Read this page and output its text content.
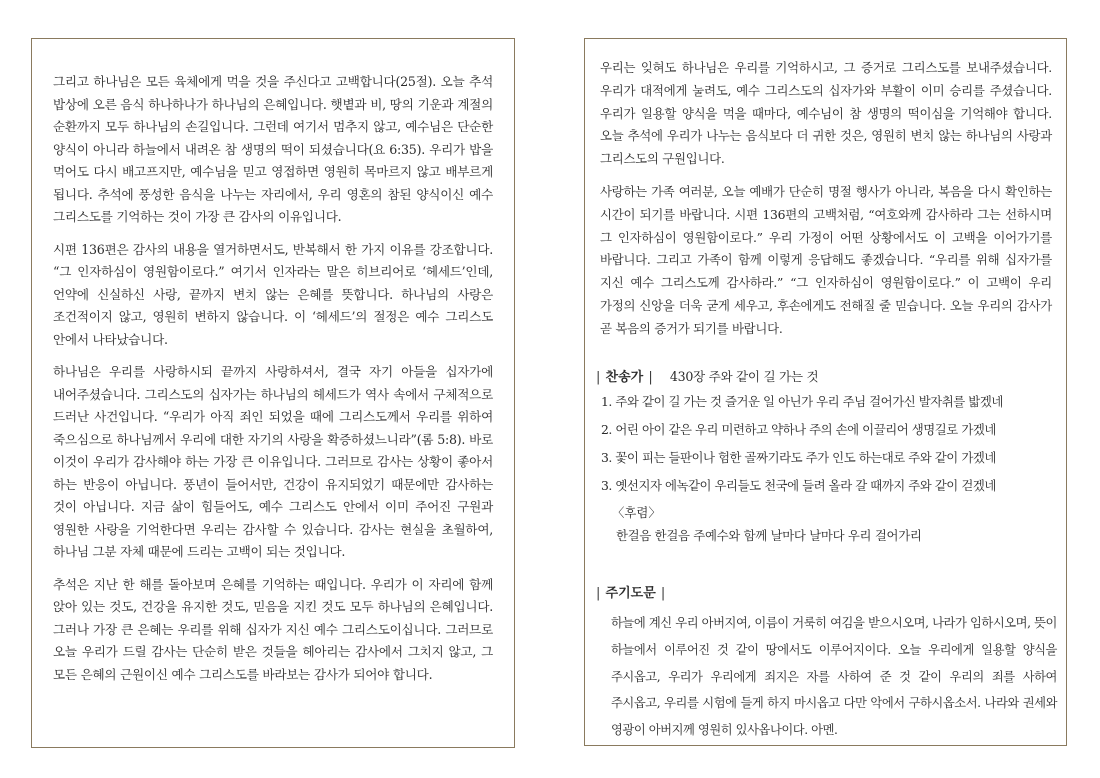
그리고 하나님은 모든 육체에게 먹을 것을 주신다고 고백합니다(25절). 오늘 추석 밥상에 오른 음식 하나하나가 하나님의 은혜입니다. 햇볕과 비, 땅의 기운과 계절의 순환까지 모두 하나님의 손길입니다. 그런데 여기서 멈추지 않고, 예수님은 단순한 양식이 아니라 하늘에서 내려온 참 생명의 떡이 되셨습니다(요 6:35). 우리가 밥을 먹어도 다시 배고프지만, 예수님을 믿고 영접하면 영원히 목마르지 않고 배부르게 됩니다. 추석에 풍성한 음식을 나누는 자리에서, 우리 영혼의 참된 양식이신 예수 그리스도를 기억하는 것이 가장 큰 감사의 이유입니다.

시편 136편은 감사의 내용을 열거하면서도, 반복해서 한 가지 이유를 강조합니다. “그 인자하심이 영원함이로다.” 여기서 인자라는 말은 히브리어로 ‘헤세드’인데, 언약에 신실하신 사랑, 끝까지 변치 않는 은혜를 뜻합니다. 하나님의 사랑은 조건적이지 않고, 영원히 변하지 않습니다. 이 ‘헤세드’의 절정은 예수 그리스도 안에서 나타났습니다.

하나님은 우리를 사랑하시되 끝까지 사랑하셔서, 결국 자기 아들을 십자가에 내어주셨습니다. 그리스도의 십자가는 하나님의 헤세드가 역사 속에서 구체적으로 드러난 사건입니다. “우리가 아직 죄인 되었을 때에 그리스도께서 우리를 위하여 죽으심으로 하나님께서 우리에 대한 자기의 사랑을 확증하셨느니라”(롬 5:8). 바로 이것이 우리가 감사해야 하는 가장 큰 이유입니다. 그러므로 감사는 상황이 좋아서 하는 반응이 아닙니다. 풍년이 들어서만, 건강이 유지되었기 때문에만 감사하는 것이 아닙니다. 지금 삶이 힘들어도, 예수 그리스도 안에서 이미 주어진 구원과 영원한 사랑을 기억한다면 우리는 감사할 수 있습니다. 감사는 현실을 초월하여, 하나님 그분 자체 때문에 드리는 고백이 되는 것입니다.

추석은 지난 한 해를 돌아보며 은혜를 기억하는 때입니다. 우리가 이 자리에 함께 앉아 있는 것도, 건강을 유지한 것도, 믿음을 지킨 것도 모두 하나님의 은혜입니다. 그러나 가장 큰 은혜는 우리를 위해 십자가 지신 예수 그리스도이십니다. 그러므로 오늘 우리가 드릴 감사는 단순히 받은 것들을 헤아리는 감사에서 그치지 않고, 그 모든 은혜의 근원이신 예수 그리스도를 바라보는 감사가 되어야 합니다.

우리는 잊혀도 하나님은 우리를 기억하시고, 그 증거로 그리스도를 보내주셨습니다. 우리가 대적에게 눌려도, 예수 그리스도의 십자가와 부활이 이미 승리를 주셨습니다. 우리가 일용할 양식을 먹을 때마다, 예수님이 참 생명의 떡이심을 기억해야 합니다. 오늘 추석에 우리가 나누는 음식보다 더 귀한 것은, 영원히 변치 않는 하나님의 사랑과 그리스도의 구원입니다.

사랑하는 가족 여러분, 오늘 예배가 단순히 명절 행사가 아니라, 복음을 다시 확인하는 시간이 되기를 바랍니다. 시편 136편의 고백처럼, “여호와께 감사하라 그는 선하시며 그 인자하심이 영원함이로다.” 우리 가정이 어떤 상황에서도 이 고백을 이어가기를 바랍니다. 그리고 가족이 함께 이렇게 응답해도 좋겠습니다. “우리를 위해 십자가를 지신 예수 그리스도께 감사하라.” “그 인자하심이 영원함이로다.” 이 고백이 우리 가정의 신앙을 더욱 굳게 세우고, 후손에게도 전해질 줄 믿습니다. 오늘 우리의 감사가 곧 복음의 증거가 되기를 바랍니다.

| 찬송가 | 430장 주와 같이 길 가는 것

1. 주와 같이 길 가는 것 즐거운 일 아닌가 우리 주님 걸어가신 발자취를 밟겠네

2. 어린 아이 같은 우리 미련하고 약하나 주의 손에 이끌리어 생명길로 가겠네

3. 꽃이 피는 들판이나 험한 골짜기라도 주가 인도 하는대로 주와 같이 가겠네

3. 옛선지자 에녹같이 우리들도 천국에 들려 올라 갈 때까지 주와 같이 걷겠네

〈후렴〉

한걸음 한걸음 주예수와 함께 날마다 날마다 우리 걸어가리

| 주기도문 |

하늘에 계신 우리 아버지여, 이름이 거룩히 여김을 받으시오며, 나라가 임하시오며, 뜻이 하늘에서 이루어진 것 같이 땅에서도 이루어지이다. 오늘 우리에게 일용할 양식을 주시옵고, 우리가 우리에게 죄지은 자를 사하여 준 것 같이 우리의 죄를 사하여 주시옵고, 우리를 시험에 들게 하지 마시옵고 다만 악에서 구하시옵소서. 나라와 권세와 영광이 아버지께 영원히 있사옵나이다. 아멘.
